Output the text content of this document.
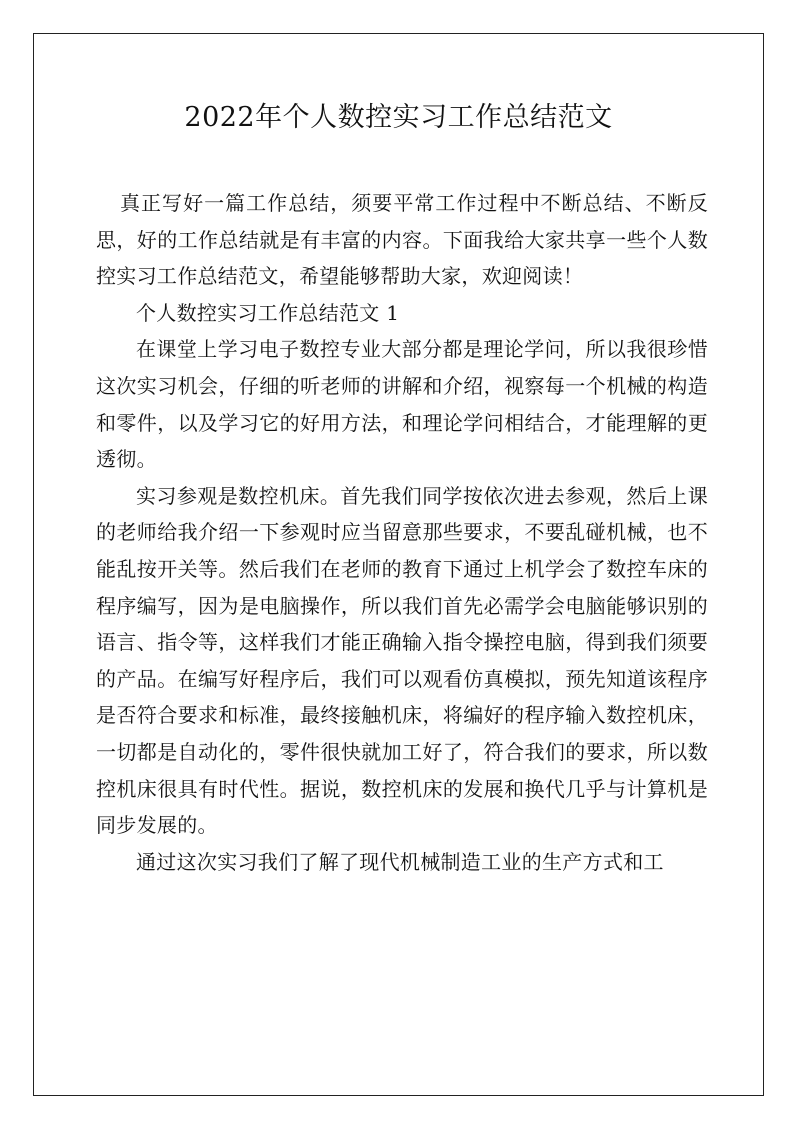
2022年个人数控实习工作总结范文

真正写好一篇工作总结，须要平常工作过程中不断总结、不断反思，好的工作总结就是有丰富的内容。下面我给大家共享一些个人数控实习工作总结范文，希望能够帮助大家，欢迎阅读！

个人数控实习工作总结范文 1

在课堂上学习电子数控专业大部分都是理论学问，所以我很珍惜这次实习机会，仔细的听老师的讲解和介绍，视察每一个机械的构造和零件，以及学习它的好用方法，和理论学问相结合，才能理解的更透彻。

实习参观是数控机床。首先我们同学按依次进去参观，然后上课的老师给我介绍一下参观时应当留意那些要求，不要乱碰机械，也不能乱按开关等。然后我们在老师的教育下通过上机学会了数控车床的程序编写，因为是电脑操作，所以我们首先必需学会电脑能够识别的语言、指令等，这样我们才能正确输入指令操控电脑，得到我们须要的产品。在编写好程序后，我们可以观看仿真模拟，预先知道该程序是否符合要求和标准，最终接触机床，将编好的程序输入数控机床，一切都是自动化的，零件很快就加工好了，符合我们的要求，所以数控机床很具有时代性。据说，数控机床的发展和换代几乎与计算机是同步发展的。

通过这次实习我们了解了现代机械制造工业的生产方式和工
